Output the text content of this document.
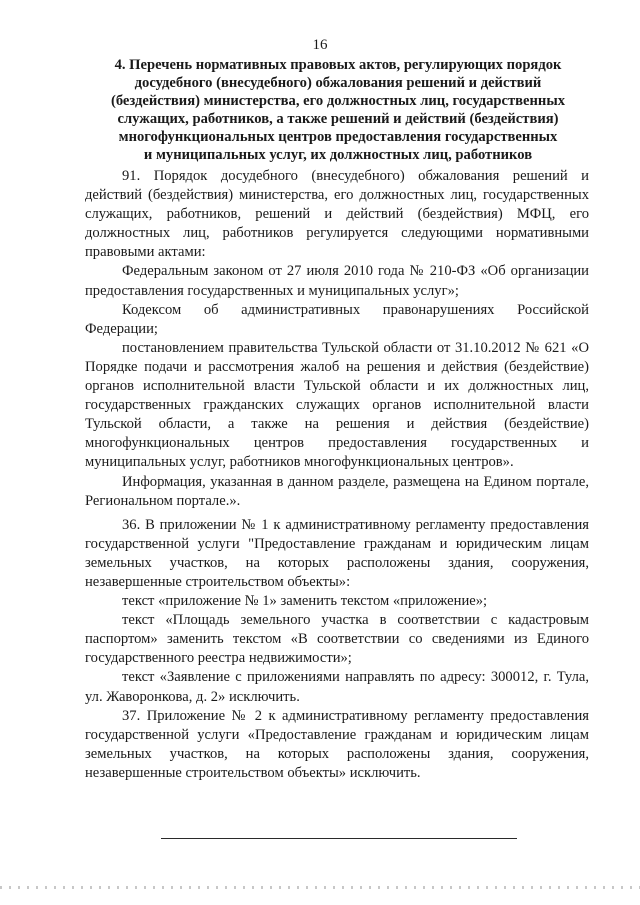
16
4. Перечень нормативных правовых актов, регулирующих порядок
досудебного (внесудебного) обжалования решений и действий
(бездействия) министерства, его должностных лиц, государственных
служащих, работников, а также решений и действий (бездействия)
многофункциональных центров предоставления государственных
и муниципальных услуг, их должностных лиц, работников

91. Порядок досудебного (внесудебного) обжалования решений и действий (бездействия) министерства, его должностных лиц, государственных служащих, работников, решений и действий (бездействия) МФЦ, его должностных лиц, работников регулируется следующими нормативными правовыми актами:

Федеральным законом от 27 июля 2010 года № 210-ФЗ «Об организации предоставления государственных и муниципальных услуг»;

Кодексом об административных правонарушениях Российской Федерации;

постановлением правительства Тульской области от 31.10.2012 № 621 «О Порядке подачи и рассмотрения жалоб на решения и действия (бездействие) органов исполнительной власти Тульской области и их должностных лиц, государственных гражданских служащих органов исполнительной власти Тульской области, а также на решения и действия (бездействие) многофункциональных центров предоставления государственных и муниципальных услуг, работников многофункциональных центров».

Информация, указанная в данном разделе, размещена на Едином портале, Региональном портале.».

36. В приложении № 1 к административному регламенту предоставления государственной услуги "Предоставление гражданам и юридическим лицам земельных участков, на которых расположены здания, сооружения, незавершенные строительством объекты»:

текст «приложение № 1» заменить текстом «приложение»;

текст «Площадь земельного участка в соответствии с кадастровым паспортом» заменить текстом «В соответствии со сведениями из Единого государственного реестра недвижимости»;

текст «Заявление с приложениями направлять по адресу: 300012, г. Тула, ул. Жаворонкова, д. 2» исключить.

37. Приложение № 2 к административному регламенту предоставления государственной услуги «Предоставление гражданам и юридическим лицам земельных участков, на которых расположены здания, сооружения, незавершенные строительством объекты» исключить.
